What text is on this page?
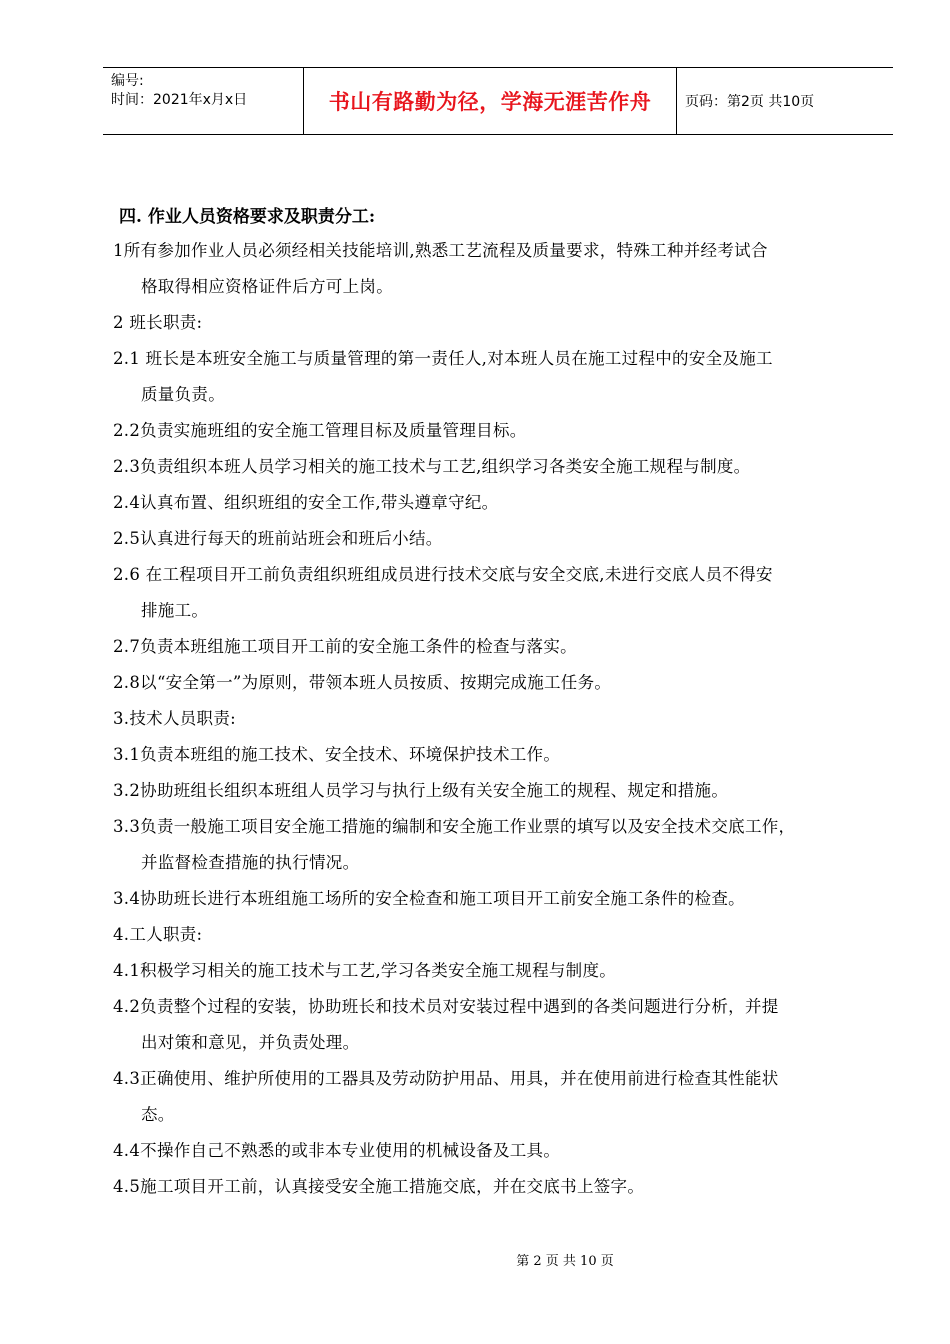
编号:
时间：2021年x月x日	书山有路勤为径，学海无涯苦作舟	页码：第2页 共10页
四. 作业人员资格要求及职责分工:
1所有参加作业人员必须经相关技能培训,熟悉工艺流程及质量要求，特殊工种并经考试合
格取得相应资格证件后方可上岗。
2 班长职责:
2.1 班长是本班安全施工与质量管理的第一责任人,对本班人员在施工过程中的安全及施工
质量负责。
2.2负责实施班组的安全施工管理目标及质量管理目标。
2.3负责组织本班人员学习相关的施工技术与工艺,组织学习各类安全施工规程与制度。
2.4认真布置、组织班组的安全工作,带头遵章守纪。
2.5认真进行每天的班前站班会和班后小结。
2.6 在工程项目开工前负责组织班组成员进行技术交底与安全交底,未进行交底人员不得安
排施工。
2.7负责本班组施工项目开工前的安全施工条件的检查与落实。
2.8以“安全第一”为原则，带领本班人员按质、按期完成施工任务。
3.技术人员职责:
3.1负责本班组的施工技术、安全技术、环境保护技术工作。
3.2协助班组长组织本班组人员学习与执行上级有关安全施工的规程、规定和措施。
3.3负责一般施工项目安全施工措施的编制和安全施工作业票的填写以及安全技术交底工作，
并监督检查措施的执行情况。
3.4协助班长进行本班组施工场所的安全检查和施工项目开工前安全施工条件的检查。
4.工人职责:
4.1积极学习相关的施工技术与工艺,学习各类安全施工规程与制度。
4.2负责整个过程的安装，协助班长和技术员对安装过程中遇到的各类问题进行分析，并提
出对策和意见，并负责处理。
4.3正确使用、维护所使用的工器具及劳动防护用品、用具，并在使用前进行检查其性能状
态。
4.4不操作自己不熟悉的或非本专业使用的机械设备及工具。
4.5施工项目开工前，认真接受安全施工措施交底，并在交底书上签字。
第 2 页 共 10 页
